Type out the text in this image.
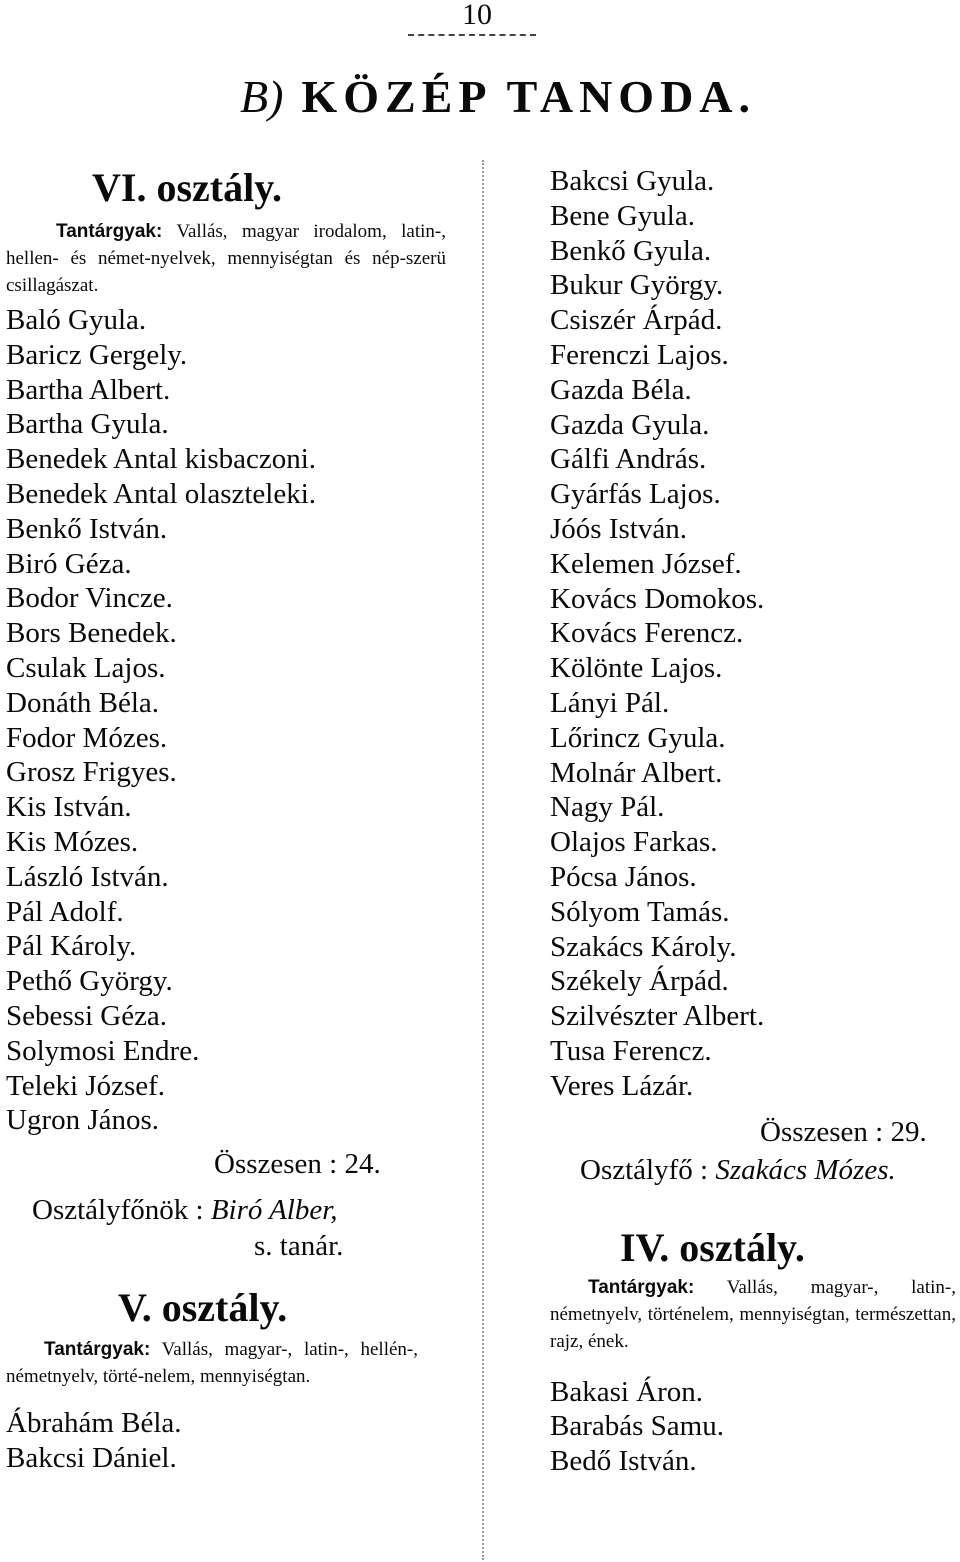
10
B) KÖZÉP TANODA.
VI. osztály.
Tantárgyak: Vallás, magyar irodalom, latin-, hellen- és német-nyelvek, mennyiségtan és nép-szerü csillagászat.
Baló Gyula.
Baricz Gergely.
Bartha Albert.
Bartha Gyula.
Benedek Antal kisbaczoni.
Benedek Antal olaszteleki.
Benkő István.
Biró Géza.
Bodor Vincze.
Bors Benedek.
Csulak Lajos.
Donáth Béla.
Fodor Mózes.
Grosz Frigyes.
Kis István.
Kis Mózes.
László István.
Pál Adolf.
Pál Károly.
Pethő György.
Sebessi Géza.
Solymosi Endre.
Teleki József.
Ugron János.
Összesen : 24.
Osztályfőnök : Biró Alber,
s. tanár.
V. osztály.
Tantárgyak: Vallás, magyar-, latin-, hellén-, németnyelv, törté-nelem, mennyiségtan.
Ábrahám Béla.
Bakcsi Dániel.
Bakcsi Gyula.
Bene Gyula.
Benkő Gyula.
Bukur György.
Csiszér Árpád.
Ferenczi Lajos.
Gazda Béla.
Gazda Gyula.
Gálfi András.
Gyárfás Lajos.
Jóós István.
Kelemen József.
Kovács Domokos.
Kovács Ferencz.
Kölönte Lajos.
Lányi Pál.
Lőrincz Gyula.
Molnár Albert.
Nagy Pál.
Olajos Farkas.
Pócsa János.
Sólyom Tamás.
Szakács Károly.
Székely Árpád.
Szilvészter Albert.
Tusa Ferencz.
Veres Lázár.
Összesen : 29.
Osztályfő : Szakács Mózes.
IV. osztály.
Tantárgyak: Vallás, magyar-, latin-, németnyelv, történelem, mennyiségtan, természettan, rajz, ének.
Bakasi Áron.
Barabás Samu.
Bedő István.
